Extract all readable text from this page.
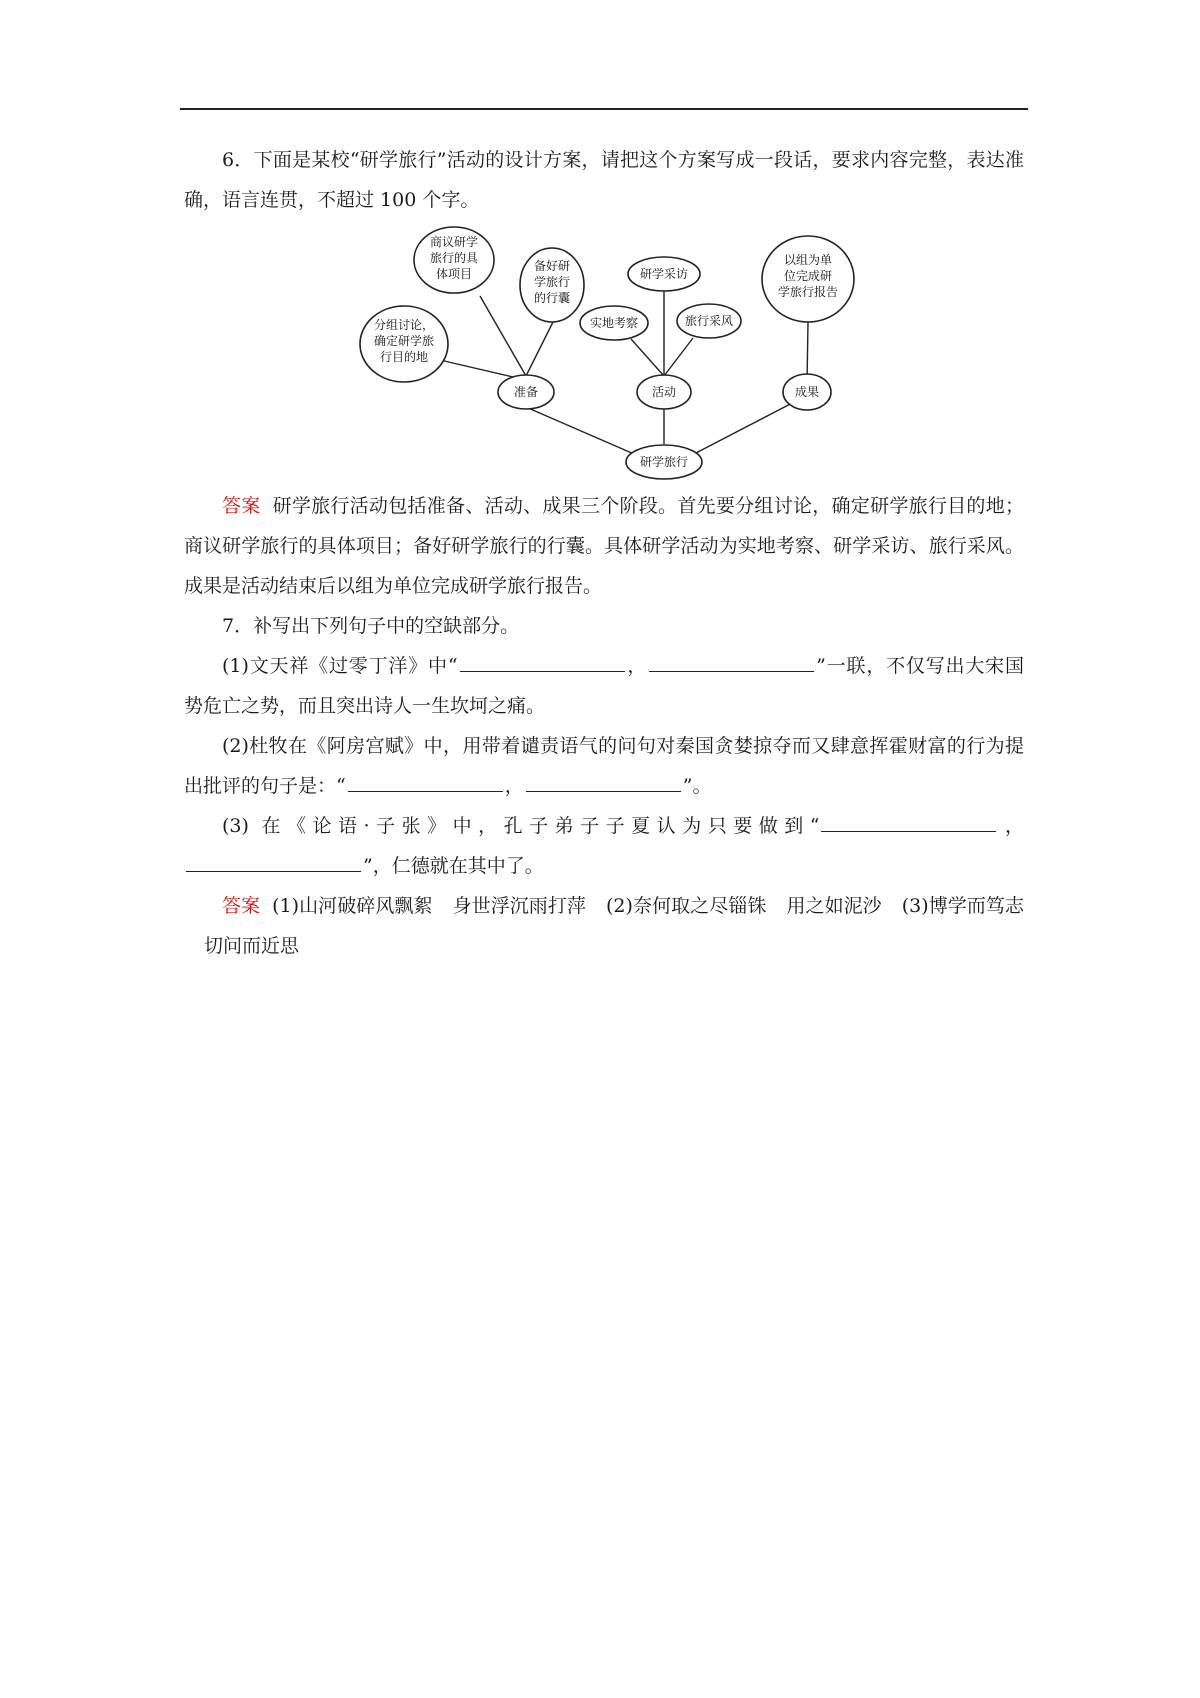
6．下面是某校“研学旅行”活动的设计方案，请把这个方案写成一段话，要求内容完整，表达准确，语言连贯，不超过 100 个字。

研学旅行
准备	活动	成果
分组讨论，
确定研学旅
行目的地
商议研学
旅行的具
体项目
备好研
学旅行
的行囊
实地考察
研学采访
旅行采风
以组为单
位完成研
学旅行报告

答案 研学旅行活动包括准备、活动、成果三个阶段。首先要分组讨论，确定研学旅行目的地；商议研学旅行的具体项目；备好研学旅行的行囊。具体研学活动为实地考察、研学采访、旅行采风。成果是活动结束后以组为单位完成研学旅行报告。

7．补写出下列句子中的空缺部分。

(1)文天祥《过零丁洋》中“	，	”一联，不仅写出大宋国势危亡之势，而且突出诗人一生坎坷之痛。

(2)杜牧在《阿房宫赋》中，用带着谴责语气的问句对秦国贪婪掠夺而又肆意挥霍财富的行为提出批评的句子是：“	，	”。

(3) 在《论语·子张》中，孔子弟子子夏认为只要做到“	，”，仁德就在其中了。

答案 (1)山河破碎风飘絮 身世浮沉雨打萍 (2)奈何取之尽锱铢 用之如泥沙 (3)博学而笃志切问而近思
